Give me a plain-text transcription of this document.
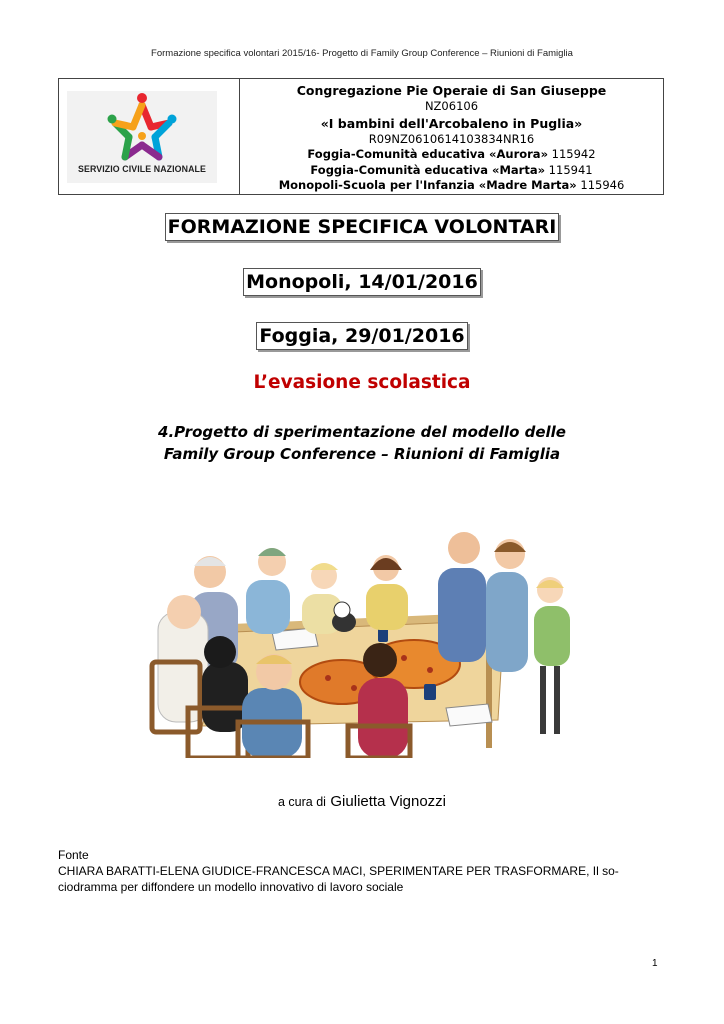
Formazione specifica volontari 2015/16- Progetto di Family Group Conference – Riunioni di Famiglia
SERVIZIO CIVILE NAZIONALE
Congregazione Pie Operaie di San Giuseppe
NZ06106
«I bambini dell'Arcobaleno in Puglia»
R09NZ0610614103834NR16
Foggia-Comunità educativa «Aurora» 115942
Foggia-Comunità educativa «Marta» 115941
Monopoli-Scuola per l'Infanzia «Madre Marta» 115946
FORMAZIONE SPECIFICA VOLONTARI
Monopoli, 14/01/2016
Foggia, 29/01/2016
L’evasione scolastica
4.Progetto di sperimentazione del modello delle
Family Group Conference – Riunioni di Famiglia
a cura di Giulietta Vignozzi
Fonte
CHIARA BARATTI-ELENA GIUDICE-FRANCESCA MACI, SPERIMENTARE PER TRASFORMARE, Il so-
ciodramma per diffondere un modello innovativo di lavoro sociale
1
